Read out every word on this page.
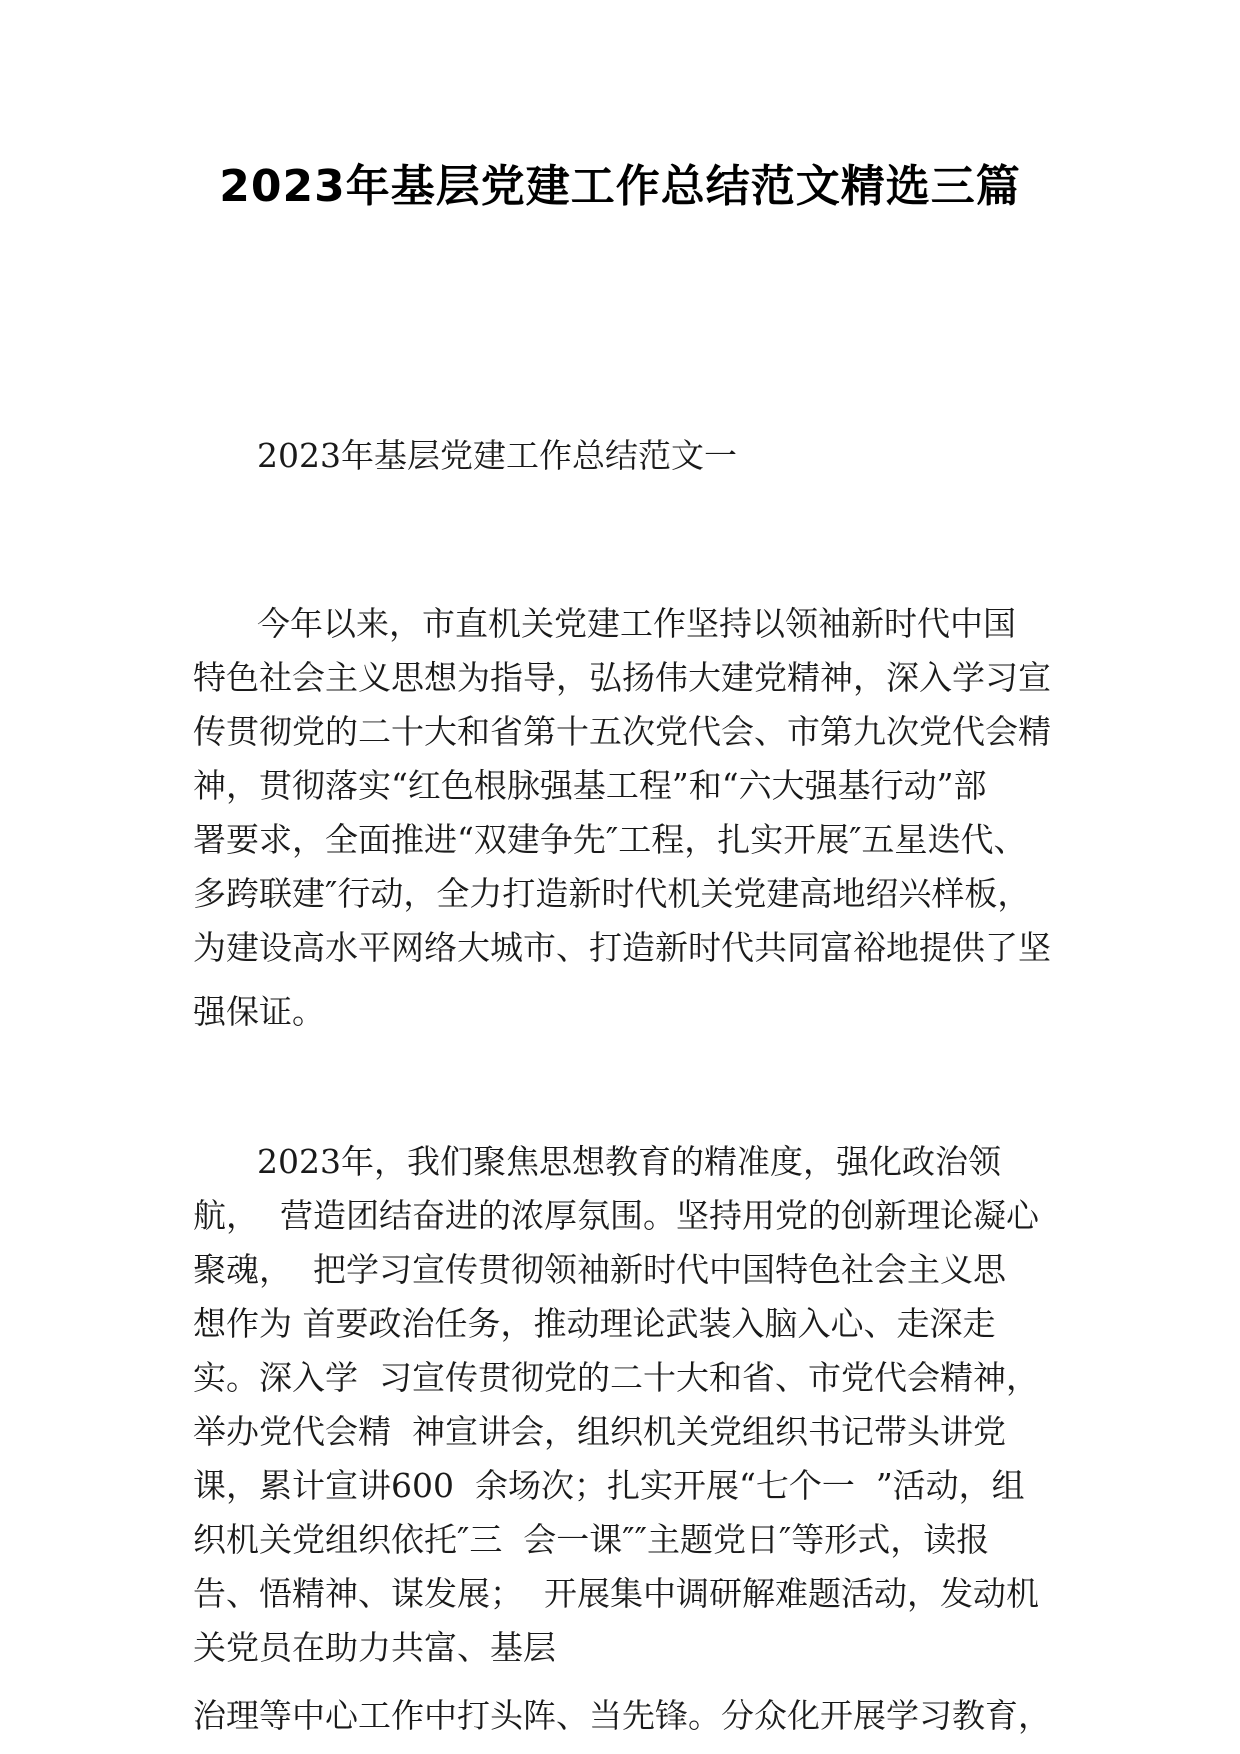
2023年基层党建工作总结范文精选三篇
2023年基层党建工作总结范文一
今年以来，市直机关党建工作坚持以领袖新时代中国
特色社会主义思想为指导，弘扬伟大建党精神，深入学习宣
传贯彻党的二十大和省第十五次党代会、市第九次党代会精
神，贯彻落实“红色根脉强基工程”和“六大强基行动”部
署要求，全面推进“双建争先″工程，扎实开展″五星迭代、
多跨联建″行动，全力打造新时代机关党建高地绍兴样板，
为建设高水平网络大城市、打造新时代共同富裕地提供了坚
强保证。
2023年，我们聚焦思想教育的精准度，强化政治领
航，  营造团结奋进的浓厚氛围。坚持用党的创新理论凝心
聚魂，  把学习宣传贯彻领袖新时代中国特色社会主义思
想作为 首要政治任务，推动理论武装入脑入心、走深走
实。深入学  习宣传贯彻党的二十大和省、市党代会精神，
举办党代会精  神宣讲会，组织机关党组织书记带头讲党
课，累计宣讲600  余场次；扎实开展“七个一  ”活动，组
织机关党组织依托″三  会一课″″主题党日″等形式，读报
告、悟精神、谋发展；  开展集中调研解难题活动，发动机
关党员在助力共富、基层
治理等中心工作中打头阵、当先锋。分众化开展学习教育，
